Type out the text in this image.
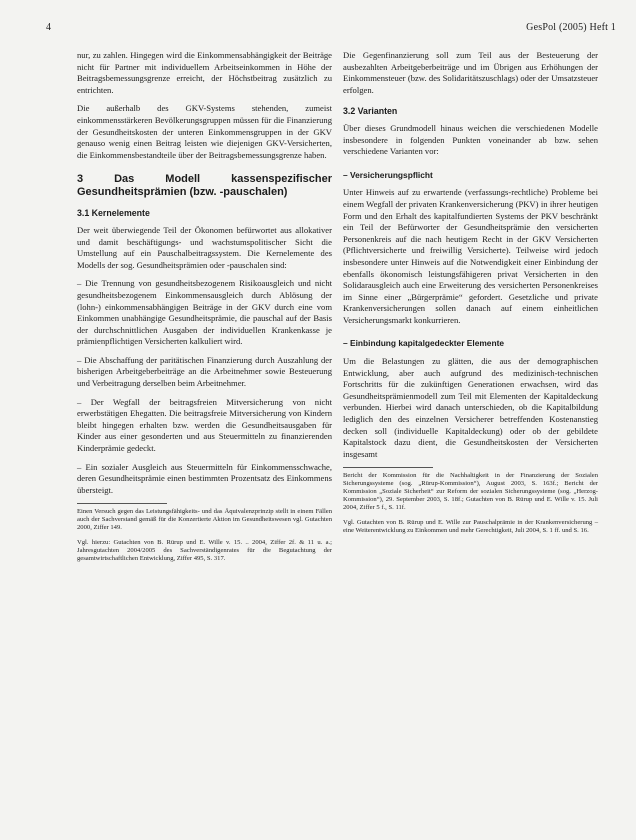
4	GesPol (2005) Heft 1

nur, zu zahlen. Hingegen wird die Einkommensabhängigkeit der Beiträge nicht für Partner mit individuellem Arbeitseinkommen in Höhe der Beitragsbemessungsgrenze erreicht, der Höchstbeitrag zusätzlich zu entrichten.

Die außerhalb des GKV-Systems stehenden, zumeist einkommensstärkeren Bevölkerungsgruppen müssen für die Finanzierung der Gesundheitskosten der unteren Einkommensgruppen in der GKV genauso wenig einen Beitrag leisten wie diejenigen GKV-Versicherten, die Einkommensbestandteile über der Beitragsbemessungsgrenze haben.

3 Das Modell kassenspezifischer Gesundheitsprämien (bzw. -pauschalen)
3.1 Kernelemente

Der weit überwiegende Teil der Ökonomen befürwortet aus allokativer und damit beschäftigungs- und wachstumspolitischer Sicht die Umstellung auf ein Pauschalbeitragssystem. Die Kernelemente des Modells der sog. Gesundheitsprämien oder -pauschalen sind:

– Die Trennung von gesundheitsbezogenem Risikoausgleich und nicht gesundheitsbezogenem Einkommensausgleich durch Ablösung der (lohn-) einkommensabhängigen Beiträge in der GKV durch eine vom Einkommen unabhängige Gesundheitsprämie, die pauschal auf der Basis der durchschnittlichen Ausgaben der individuellen Krankenkasse je prämienpflichtigen Versicherten kalkuliert wird.

– Die Abschaffung der paritätischen Finanzierung durch Auszahlung der bisherigen Arbeitgeberbeiträge an die Arbeitnehmer sowie Besteuerung und Verbeitragung derselben beim Arbeitnehmer.

– Der Wegfall der beitragsfreien Mitversicherung von nicht erwerbstätigen Ehegatten. Die beitragsfreie Mitversicherung von Kindern bleibt hingegen erhalten bzw. werden die Gesundheitsausgaben für Kinder aus einer gesonderten und aus Steuermitteln zu finanzierenden Kinderprämie gedeckt.

– Ein sozialer Ausgleich aus Steuermitteln für Einkommensschwache, deren Gesundheitsprämie einen bestimmten Prozentsatz des Einkommens übersteigt.

Einen Versuch gegen das Leistungsfähigkeits- und das Äquivalenzprinzip stellt in einem Fällen auch der Sachverstand gemäß für die Konzertierte Aktion im Gesundheitswesen vgl. Gutachten 2000, Ziffer 149.

Vgl. hierzu: Gutachten von B. Rürup und E. Wille v. 15. .. 2004, Ziffer 2f. & 11 u. a.; Jahresgutachten 2004/2005 des Sachverständigenrates für die Begutachtung der gesamtwirtschaftlichen Entwicklung, Ziffer 495, S. 317.

Die Gegenfinanzierung soll zum Teil aus der Besteuerung der ausbezahlten Arbeitgeberbeiträge und im Übrigen aus Erhöhungen der Einkommensteuer (bzw. des Solidaritätszuschlags) oder der Umsatzsteuer erfolgen.

3.2 Varianten

Über dieses Grundmodell hinaus weichen die verschiedenen Modelle insbesondere in folgenden Punkten voneinander ab bzw. sehen verschiedene Varianten vor:

– Versicherungspflicht

Unter Hinweis auf zu erwartende (verfassungs-rechtliche) Probleme bei einem Wegfall der privaten Krankenversicherung (PKV) in ihrer heutigen Form und den Erhalt des kapitalfundierten Systems der PKV beschränkt ein Teil der Befürworter der Gesundheitsprämie den versicherten Personenkreis auf die nach heutigem Recht in der GKV Versicherten (Pflichtversicherte und freiwillig Versicherte). Teilweise wird jedoch insbesondere unter Hinweis auf die Notwendigkeit einer Einbindung der ebenfalls ökonomisch leistungsfähigeren privat Versicherten in den Solidarausgleich auch eine Erweiterung des versicherten Personenkreises im Sinne einer „Bürgerprämie“ gefordert. Gesetzliche und private Krankenversicherungen sollen danach auf einem einheitlichen Versicherungsmarkt konkurrieren.

– Einbindung kapitalgedeckter Elemente

Um die Belastungen zu glätten, die aus der demographischen Entwicklung, aber auch aufgrund des medizinisch-technischen Fortschritts für die zukünftigen Generationen erwachsen, wird das Gesundheitsprämienmodell zum Teil mit Elementen der Kapitaldeckung verbunden. Hierbei wird danach unterschieden, ob die Kapitalbildung lediglich den des einzelnen Versicherer betreffenden Kostenanstieg decken soll (individuelle Kapitaldeckung) oder ob der gebildete Kapitalstock dazu dient, die Gesundheitskosten der Versicherten insgesamt

Bericht der Kommission für die Nachhaltigkeit in der Finanzierung der Sozialen Sicherungssysteme (sog. „Rürup-Kommission“), August 2003, S. 163f.; Bericht der Kommission „Soziale Sicherheit“ zur Reform der sozialen Sicherungssysteme (sog. „Herzog-Kommission“), 29. September 2003, S. 18f.; Gutachten von B. Rürup und E. Wille v. 15. Juli 2004, Ziffer 5 f., S. 11f.

Vgl. Gutachten von B. Rürup und E. Wille zur Pauschalprämie in der Krankenversicherung – eine Weiterentwicklung zu Einkommen und mehr Gerechtigkeit, Juli 2004, S. 1 ff. und S. 16.
